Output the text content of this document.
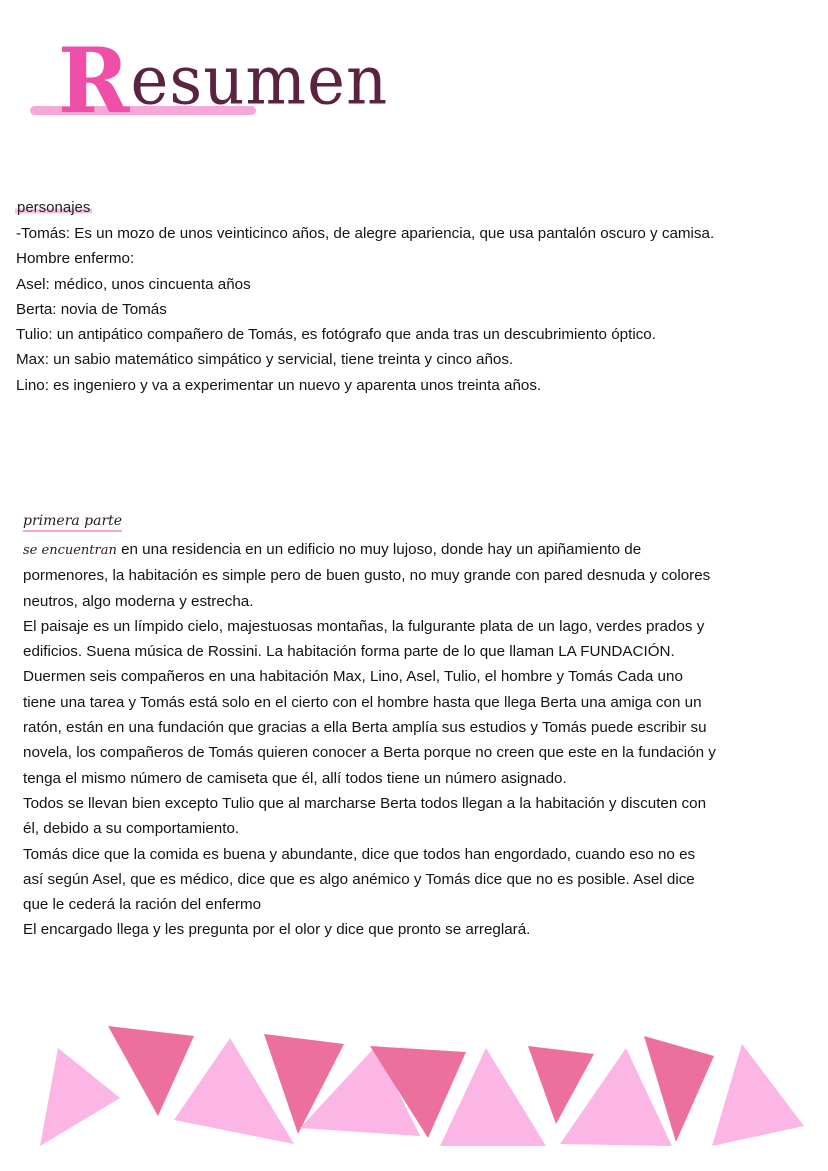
Resumen
personajes

-Tomás: Es un mozo de unos veinticinco años, de alegre apariencia, que usa pantalón oscuro y camisa.

Hombre enfermo:

Asel: médico, unos cincuenta años

Berta: novia de Tomás

Tulio: un antipático compañero de Tomás, es fotógrafo que anda tras un descubrimiento óptico.

Max: un sabio matemático simpático y servicial, tiene treinta y cinco años.

Lino: es ingeniero y va a experimentar un nuevo y aparenta unos treinta años.

primera parte

se encuentran en una residencia en un edificio no muy lujoso, donde hay un apiñamiento de

pormenores, la habitación es simple pero de buen gusto, no muy grande con pared desnuda y colores

neutros, algo moderna y estrecha.

El paisaje es un límpido cielo, majestuosas montañas, la fulgurante plata de un lago, verdes prados y

edificios. Suena música de Rossini. La habitación forma parte de lo que llaman LA FUNDACIÓN.

Duermen seis compañeros en una habitación Max, Lino, Asel, Tulio, el hombre y Tomás Cada uno

tiene una tarea y Tomás está solo en el cierto con el hombre hasta que llega Berta una amiga con un

ratón, están en una fundación que gracias a ella Berta amplía sus estudios y Tomás puede escribir su

novela, los compañeros de Tomás quieren conocer a Berta porque no creen que este en la fundación y

tenga el mismo número de camiseta que él, allí todos tiene un número asignado.

Todos se llevan bien excepto Tulio que al marcharse Berta todos llegan a la habitación y discuten con

él, debido a su comportamiento.

Tomás dice que la comida es buena y abundante, dice que todos han engordado, cuando eso no es

así según Asel, que es médico, dice que es algo anémico y Tomás dice que no es posible. Asel dice

que le cederá la ración del enfermo

El encargado llega y les pregunta por el olor y dice que pronto se arreglará.
